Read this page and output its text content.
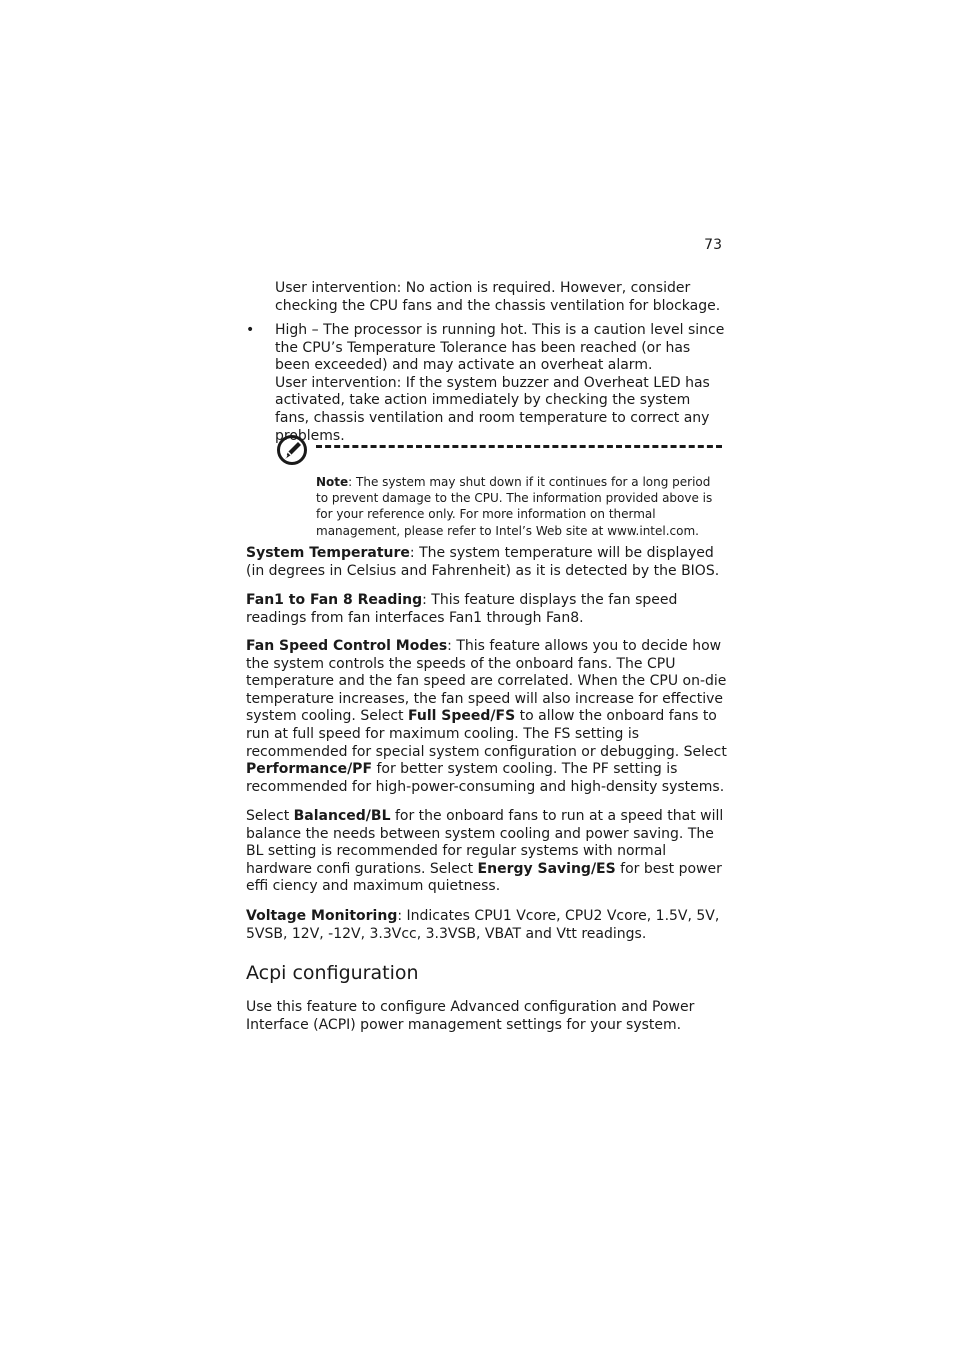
73

User intervention: No action is required. However, consider checking the CPU fans and the chassis ventilation for blockage.

• High – The processor is running hot. This is a caution level since the CPU’s Temperature Tolerance has been reached (or has been exceeded) and may activate an overheat alarm.

User intervention: If the system buzzer and Overheat LED has activated, take action immediately by checking the system fans, chassis ventilation and room temperature to correct any problems.

Note: The system may shut down if it continues for a long period to prevent damage to the CPU. The information provided above is for your reference only. For more information on thermal management, please refer to Intel’s Web site at www.intel.com.

System Temperature: The system temperature will be displayed (in degrees in Celsius and Fahrenheit) as it is detected by the BIOS.

Fan1 to Fan 8 Reading: This feature displays the fan speed readings from fan interfaces Fan1 through Fan8.

Fan Speed Control Modes: This feature allows you to decide how the system controls the speeds of the onboard fans. The CPU temperature and the fan speed are correlated. When the CPU on-die temperature increases, the fan speed will also increase for effective system cooling. Select Full Speed/FS to allow the onboard fans to run at full speed for maximum cooling. The FS setting is recommended for special system configuration or debugging. Select Performance/PF for better system cooling. The PF setting is recommended for high-power-consuming and high-density systems.

Select Balanced/BL for the onboard fans to run at a speed that will balance the needs between system cooling and power saving. The BL setting is recommended for regular systems with normal hardware confi gurations. Select Energy Saving/ES for best power effi ciency and maximum quietness.

Voltage Monitoring: Indicates CPU1 Vcore, CPU2 Vcore, 1.5V, 5V, 5VSB, 12V, -12V, 3.3Vcc, 3.3VSB, VBAT and Vtt readings.

Acpi configuration

Use this feature to configure Advanced configuration and Power Interface (ACPI) power management settings for your system.
